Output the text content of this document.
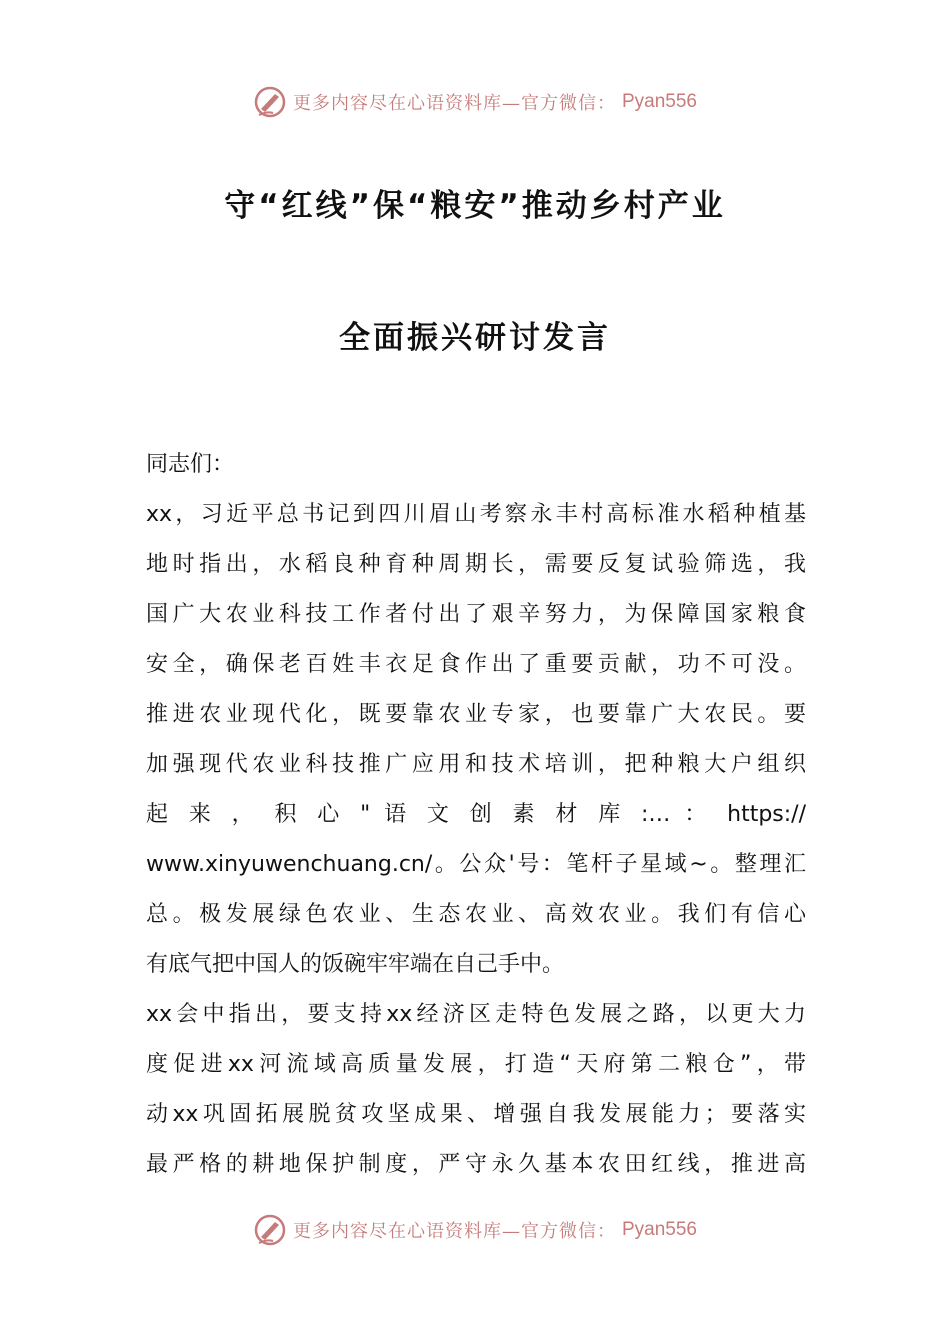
更多内容尽在心语资料库—官方微信： Pyan556
守“红线”保“粮安”推动乡村产业
全面振兴研讨发言
同志们：
xx，习近平总书记到四川眉山考察永丰村高标准水稻种植基
地时指出，水稻良种育种周期长，需要反复试验筛选，我
国广大农业科技工作者付出了艰辛努力，为保障国家粮食
安全，确保老百姓丰衣足食作出了重要贡献，功不可没。
推进农业现代化，既要靠农业专家，也要靠广大农民。要
加强现代农业科技推广应用和技术培训，把种粮大户组织
起 来 ， 积 心 " 语 文 创 素 材 库 :… ： https://
www.xinyuwenchuang.cn/。公众'号：笔杆子星域~。整理汇
总。极发展绿色农业、生态农业、高效农业。我们有信心
有底气把中国人的饭碗牢牢端在自己手中。
xx会中指出，要支持xx经济区走特色发展之路，以更大力
度促进xx河流域高质量发展，打造“天府第二粮仓”，带
动xx巩固拓展脱贫攻坚成果、增强自我发展能力；要落实
最严格的耕地保护制度，严守永久基本农田红线，推进高
更多内容尽在心语资料库—官方微信： Pyan556
